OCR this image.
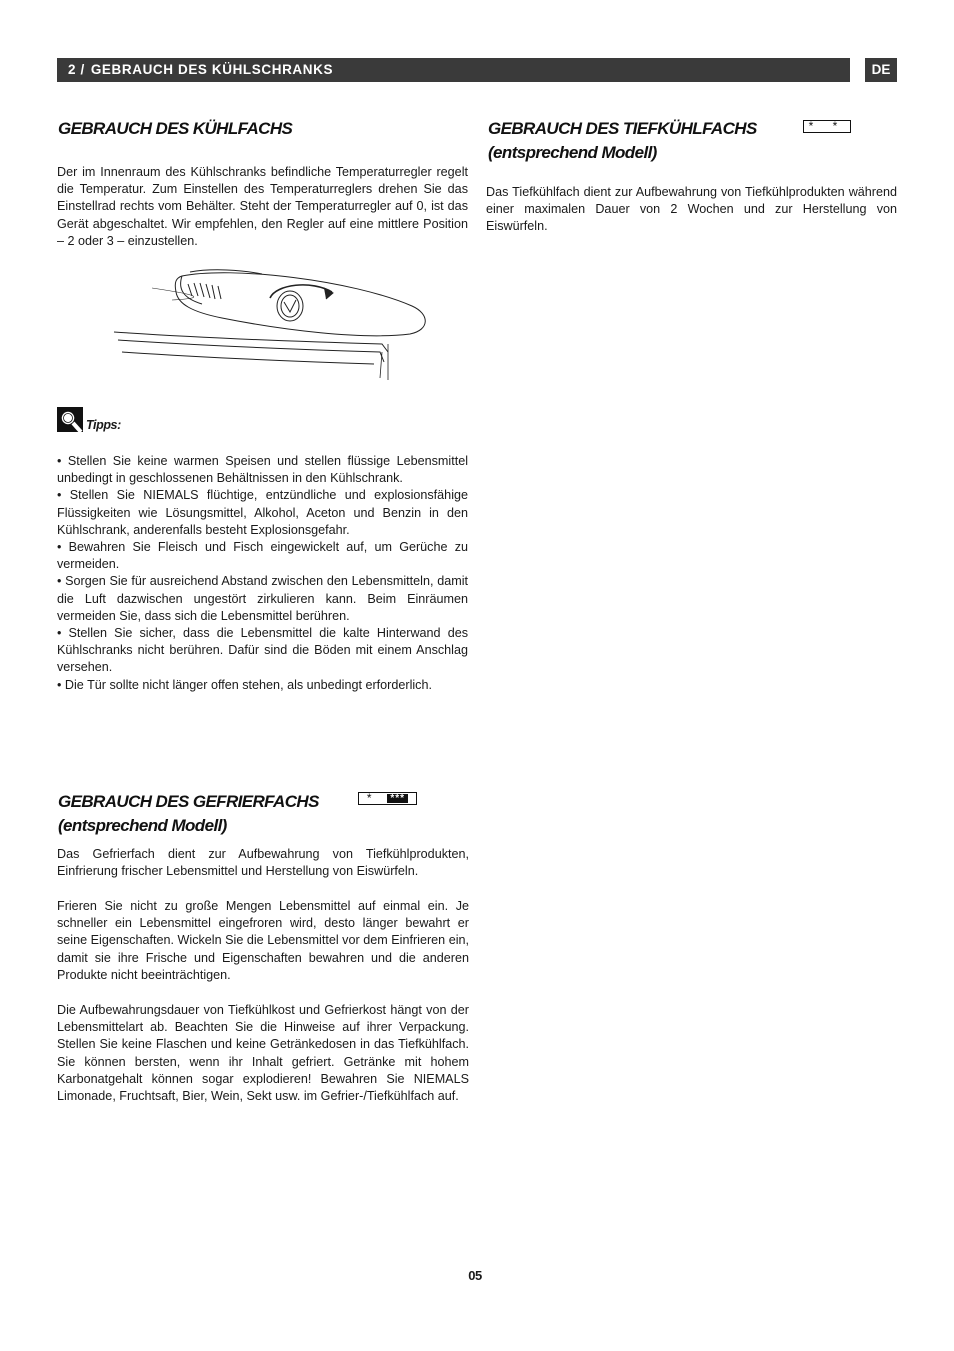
2 / GEBRAUCH DES KÜHLSCHRANKS	DE
GEBRAUCH DES KÜHLFACHS

Der im Innenraum des Kühlschranks befindliche Temperaturregler regelt die Temperatur. Zum Einstellen des Temperaturreglers drehen Sie das Einstellrad rechts vom Behälter. Steht der Temperaturregler auf 0, ist das Gerät abgeschaltet. Wir empfehlen, den Regler auf eine mittlere Position – 2 oder 3 – einzustellen.

Tipps:
• Stellen Sie keine warmen Speisen und stellen flüssige Lebensmittel unbedingt in geschlossenen Behältnissen in den Kühlschrank.
• Stellen Sie NIEMALS flüchtige, entzündliche und explosionsfähige Flüssigkeiten wie Lösungsmittel, Alkohol, Aceton und Benzin in den Kühlschrank, anderenfalls besteht Explosionsgefahr.
• Bewahren Sie Fleisch und Fisch eingewickelt auf, um Gerüche zu vermeiden.
• Sorgen Sie für ausreichend Abstand zwischen den Lebensmitteln, damit die Luft dazwischen ungestört zirkulieren kann. Beim Einräumen vermeiden Sie, dass sich die Lebensmittel berühren.
• Stellen Sie sicher, dass die Lebensmittel die kalte Hinterwand des Kühlschranks nicht berühren. Dafür sind die Böden mit einem Anschlag versehen.
• Die Tür sollte nicht länger offen stehen, als unbedingt erforderlich.
GEBRAUCH DES GEFRIERFACHS	*	***
(entsprechend Modell)

Das Gefrierfach dient zur Aufbewahrung von Tiefkühlprodukten, Einfrierung frischer Lebensmittel und Herstellung von Eiswürfeln.

Frieren Sie nicht zu große Mengen Lebensmittel auf einmal ein. Je schneller ein Lebensmittel eingefroren wird, desto länger bewahrt er seine Eigenschaften. Wickeln Sie die Lebensmittel vor dem Einfrieren ein, damit sie ihre Frische und Eigenschaften bewahren und die anderen Produkte nicht beeinträchtigen.

Die Aufbewahrungsdauer von Tiefkühlkost und Gefrierkost hängt von der Lebensmittelart ab. Beachten Sie die Hinweise auf ihrer Verpackung. Stellen Sie keine Flaschen und keine Getränkedosen in das Tiefkühlfach. Sie können bersten, wenn ihr Inhalt gefriert. Getränke mit hohem Karbonatgehalt können sogar explodieren! Bewahren Sie NIEMALS Limonade, Fruchtsaft, Bier, Wein, Sekt usw. im Gefrier-/Tiefkühlfach auf.

GEBRAUCH DES TIEFKÜHLFACHS	* *
(entsprechend Modell)

Das Tiefkühlfach dient zur Aufbewahrung von Tiefkühlprodukten während einer maximalen Dauer von 2 Wochen und zur Herstellung von Eiswürfeln.

05
